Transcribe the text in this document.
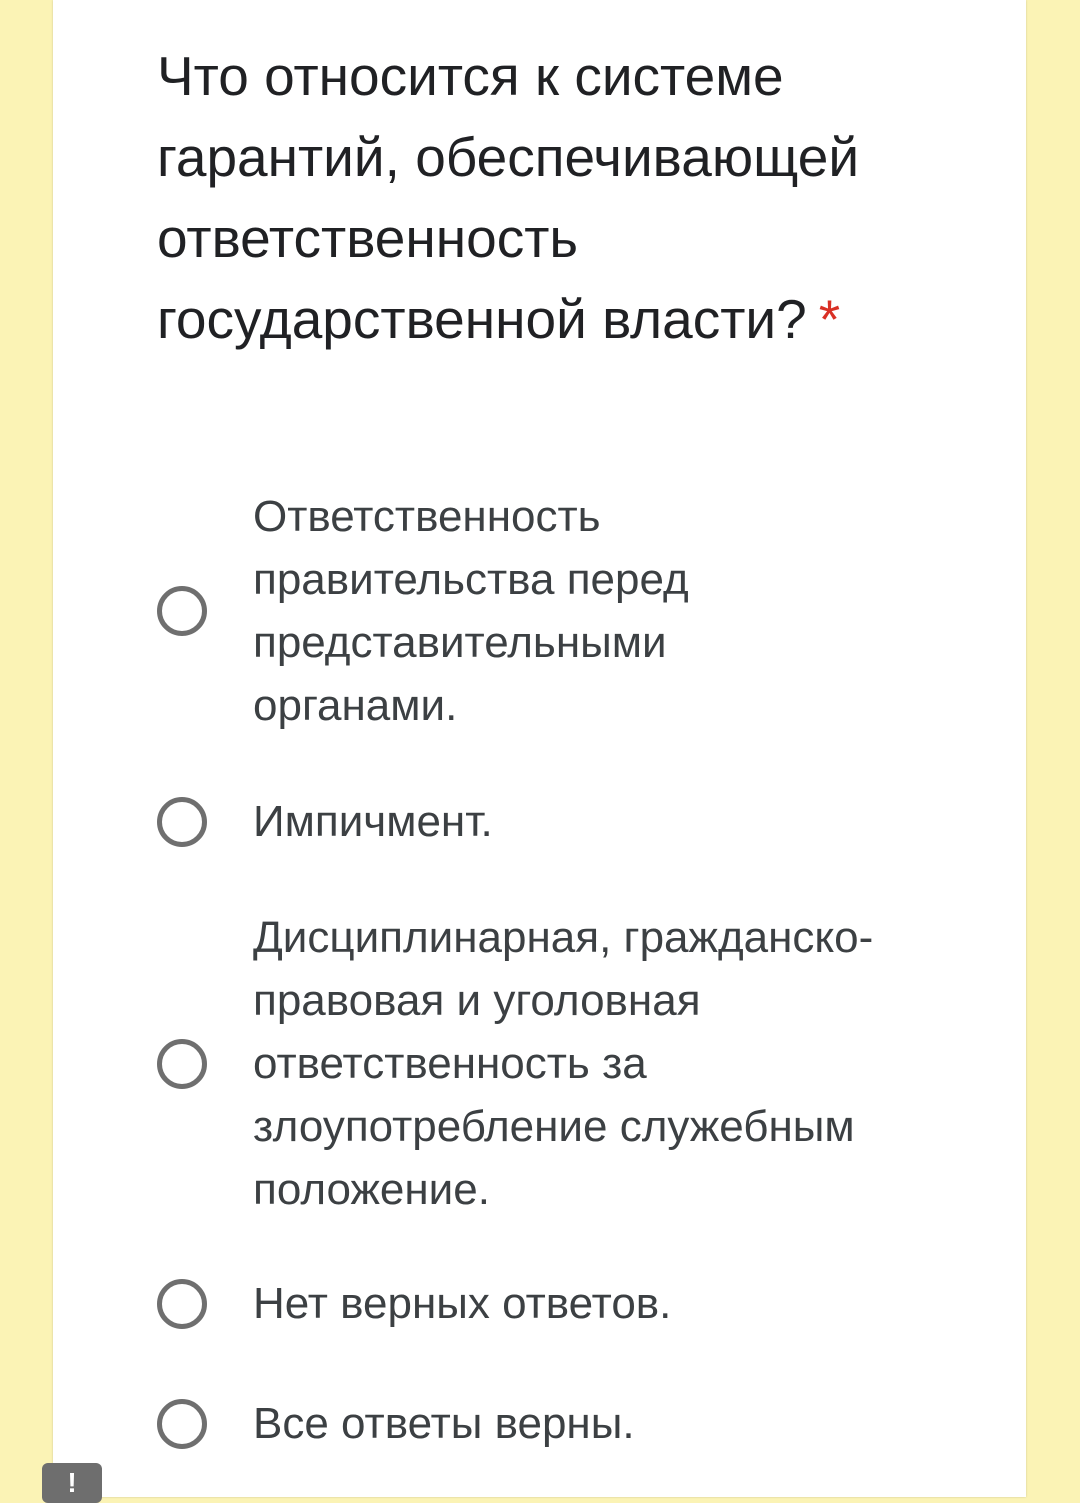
Что относится к системе гарантий, обеспечивающей ответственность государственной власти? *
Ответственность правительства перед представительными органами.
Импичмент.
Дисциплинарная, гражданско-правовая и уголовная ответственность за злоупотребление служебным положение.
Нет верных ответов.
Все ответы верны.
!
